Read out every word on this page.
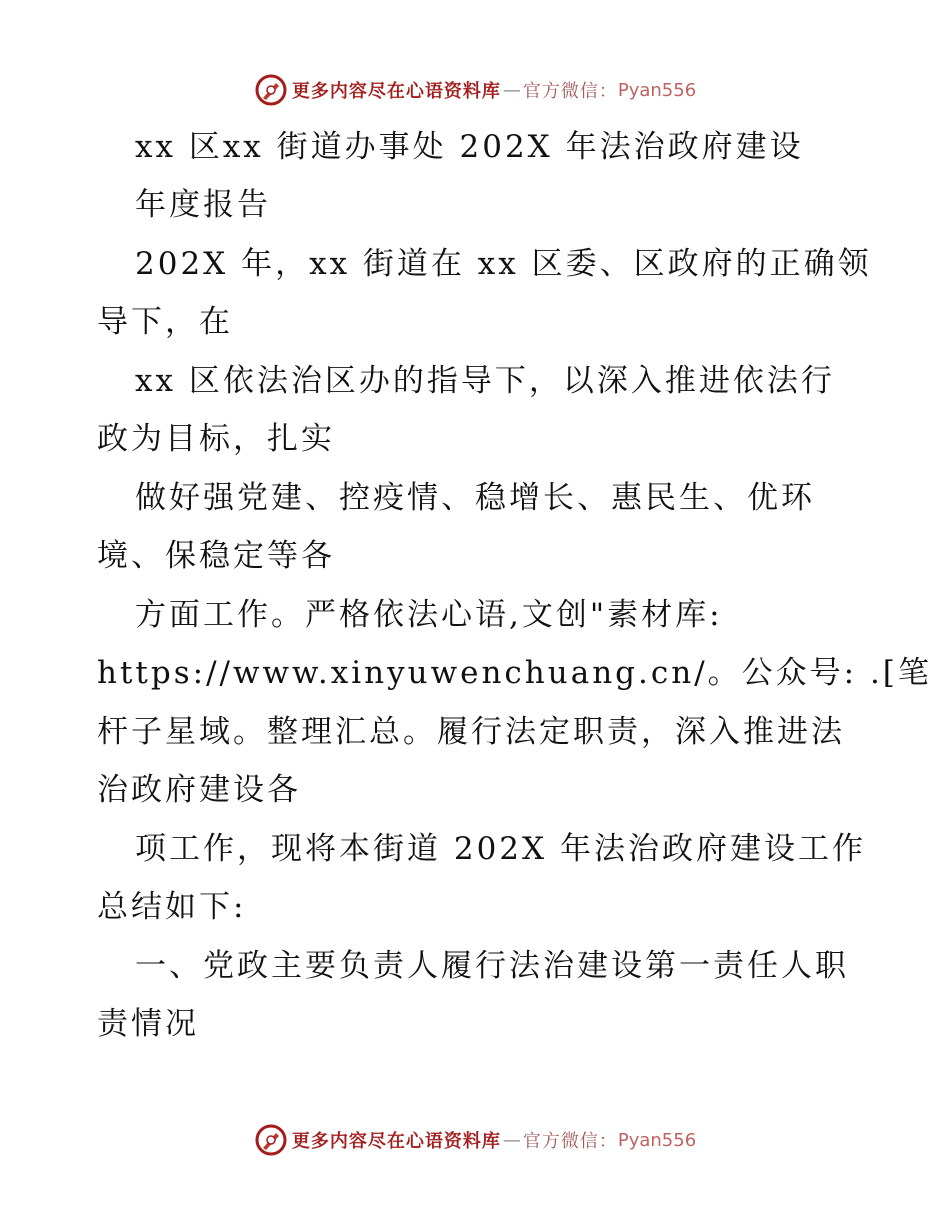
更多内容尽在心语资料库 — 官方微信： Pyan556
xx 区xx 街道办事处 202X 年法治政府建设
年度报告
202X 年，xx 街道在 xx 区委、区政府的正确领
导下，在
xx 区依法治区办的指导下，以深入推进依法行
政为目标，扎实
做好强党建、控疫情、稳增长、惠民生、优环
境、保稳定等各
方面工作。严格依法心语,文创"素材库:
https://www.xinyuwenchuang.cn/。公众号: .[笔
杆子星域。整理汇总。履行法定职责，深入推进法
治政府建设各
项工作，现将本街道 202X 年法治政府建设工作
总结如下:
一、党政主要负责人履行法治建设第一责任人职
责情况
更多内容尽在心语资料库 — 官方微信： Pyan556
